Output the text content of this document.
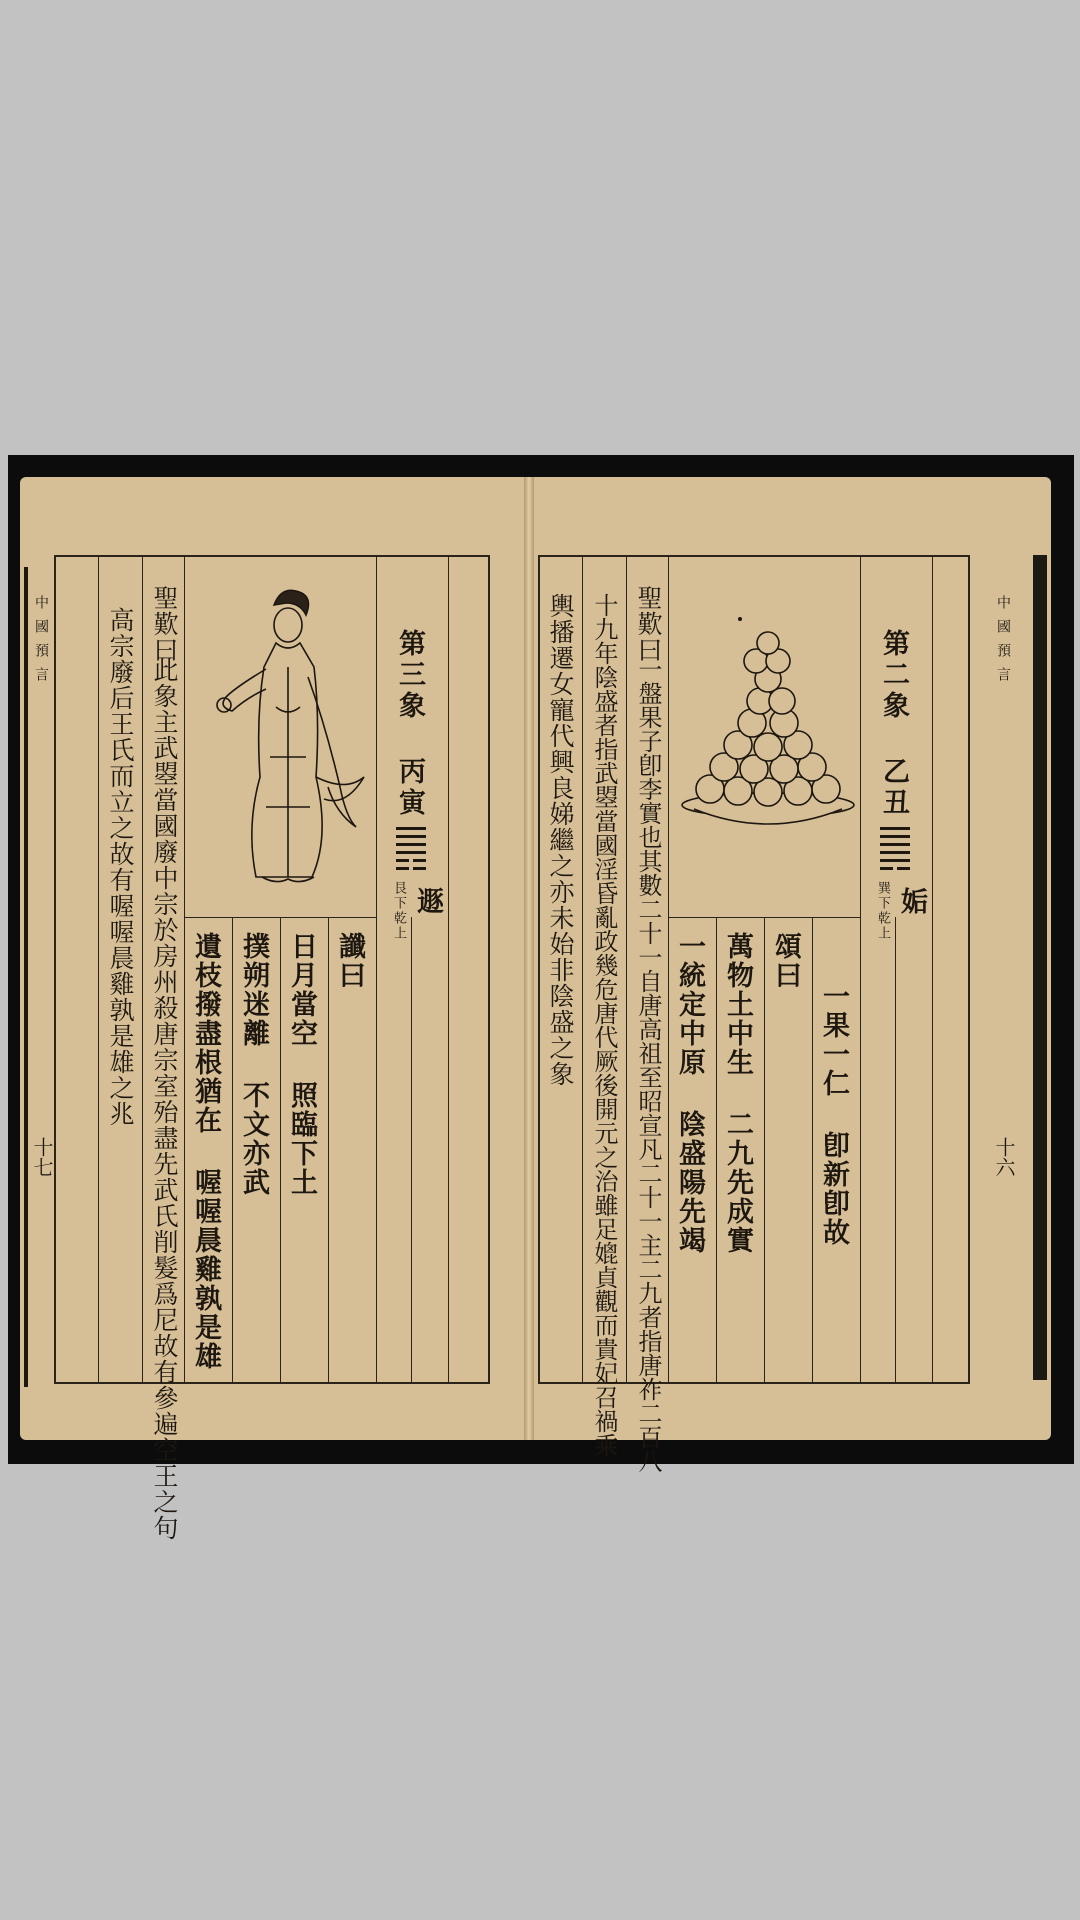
高宗廢后王氏而立之故有喔喔晨雞孰是雄之兆 聖歎曰
此象主武曌當國廢中宗於房州殺唐宗室殆盡先武氏削髮爲尼故有參遍空王之句 撲朔迷離 不文亦武 日月當空 照臨下土 讖曰
遺枝撥盡根猶在 喔喔晨雞孰是雄
第三象 丙寅
艮下乾上 遯
中國預言
十七
輿播遷女寵代興良娣繼之亦未始非陰盛之象 十九年陰盛者指武曌當國淫昏亂政幾危唐代厥後開元之治雖足媲貞觀而貴妃召禍乘 聖歎曰
一盤果子卽李實也其數二十一自唐高祖至昭宣凡二十一主二九者指唐祚二百八 一統定中原 陰盛陽先竭 萬物土中生 二九先成實 頌曰
一果一仁 卽新卽故
第二象 乙丑
巽下乾上 姤
中國預言
十六
